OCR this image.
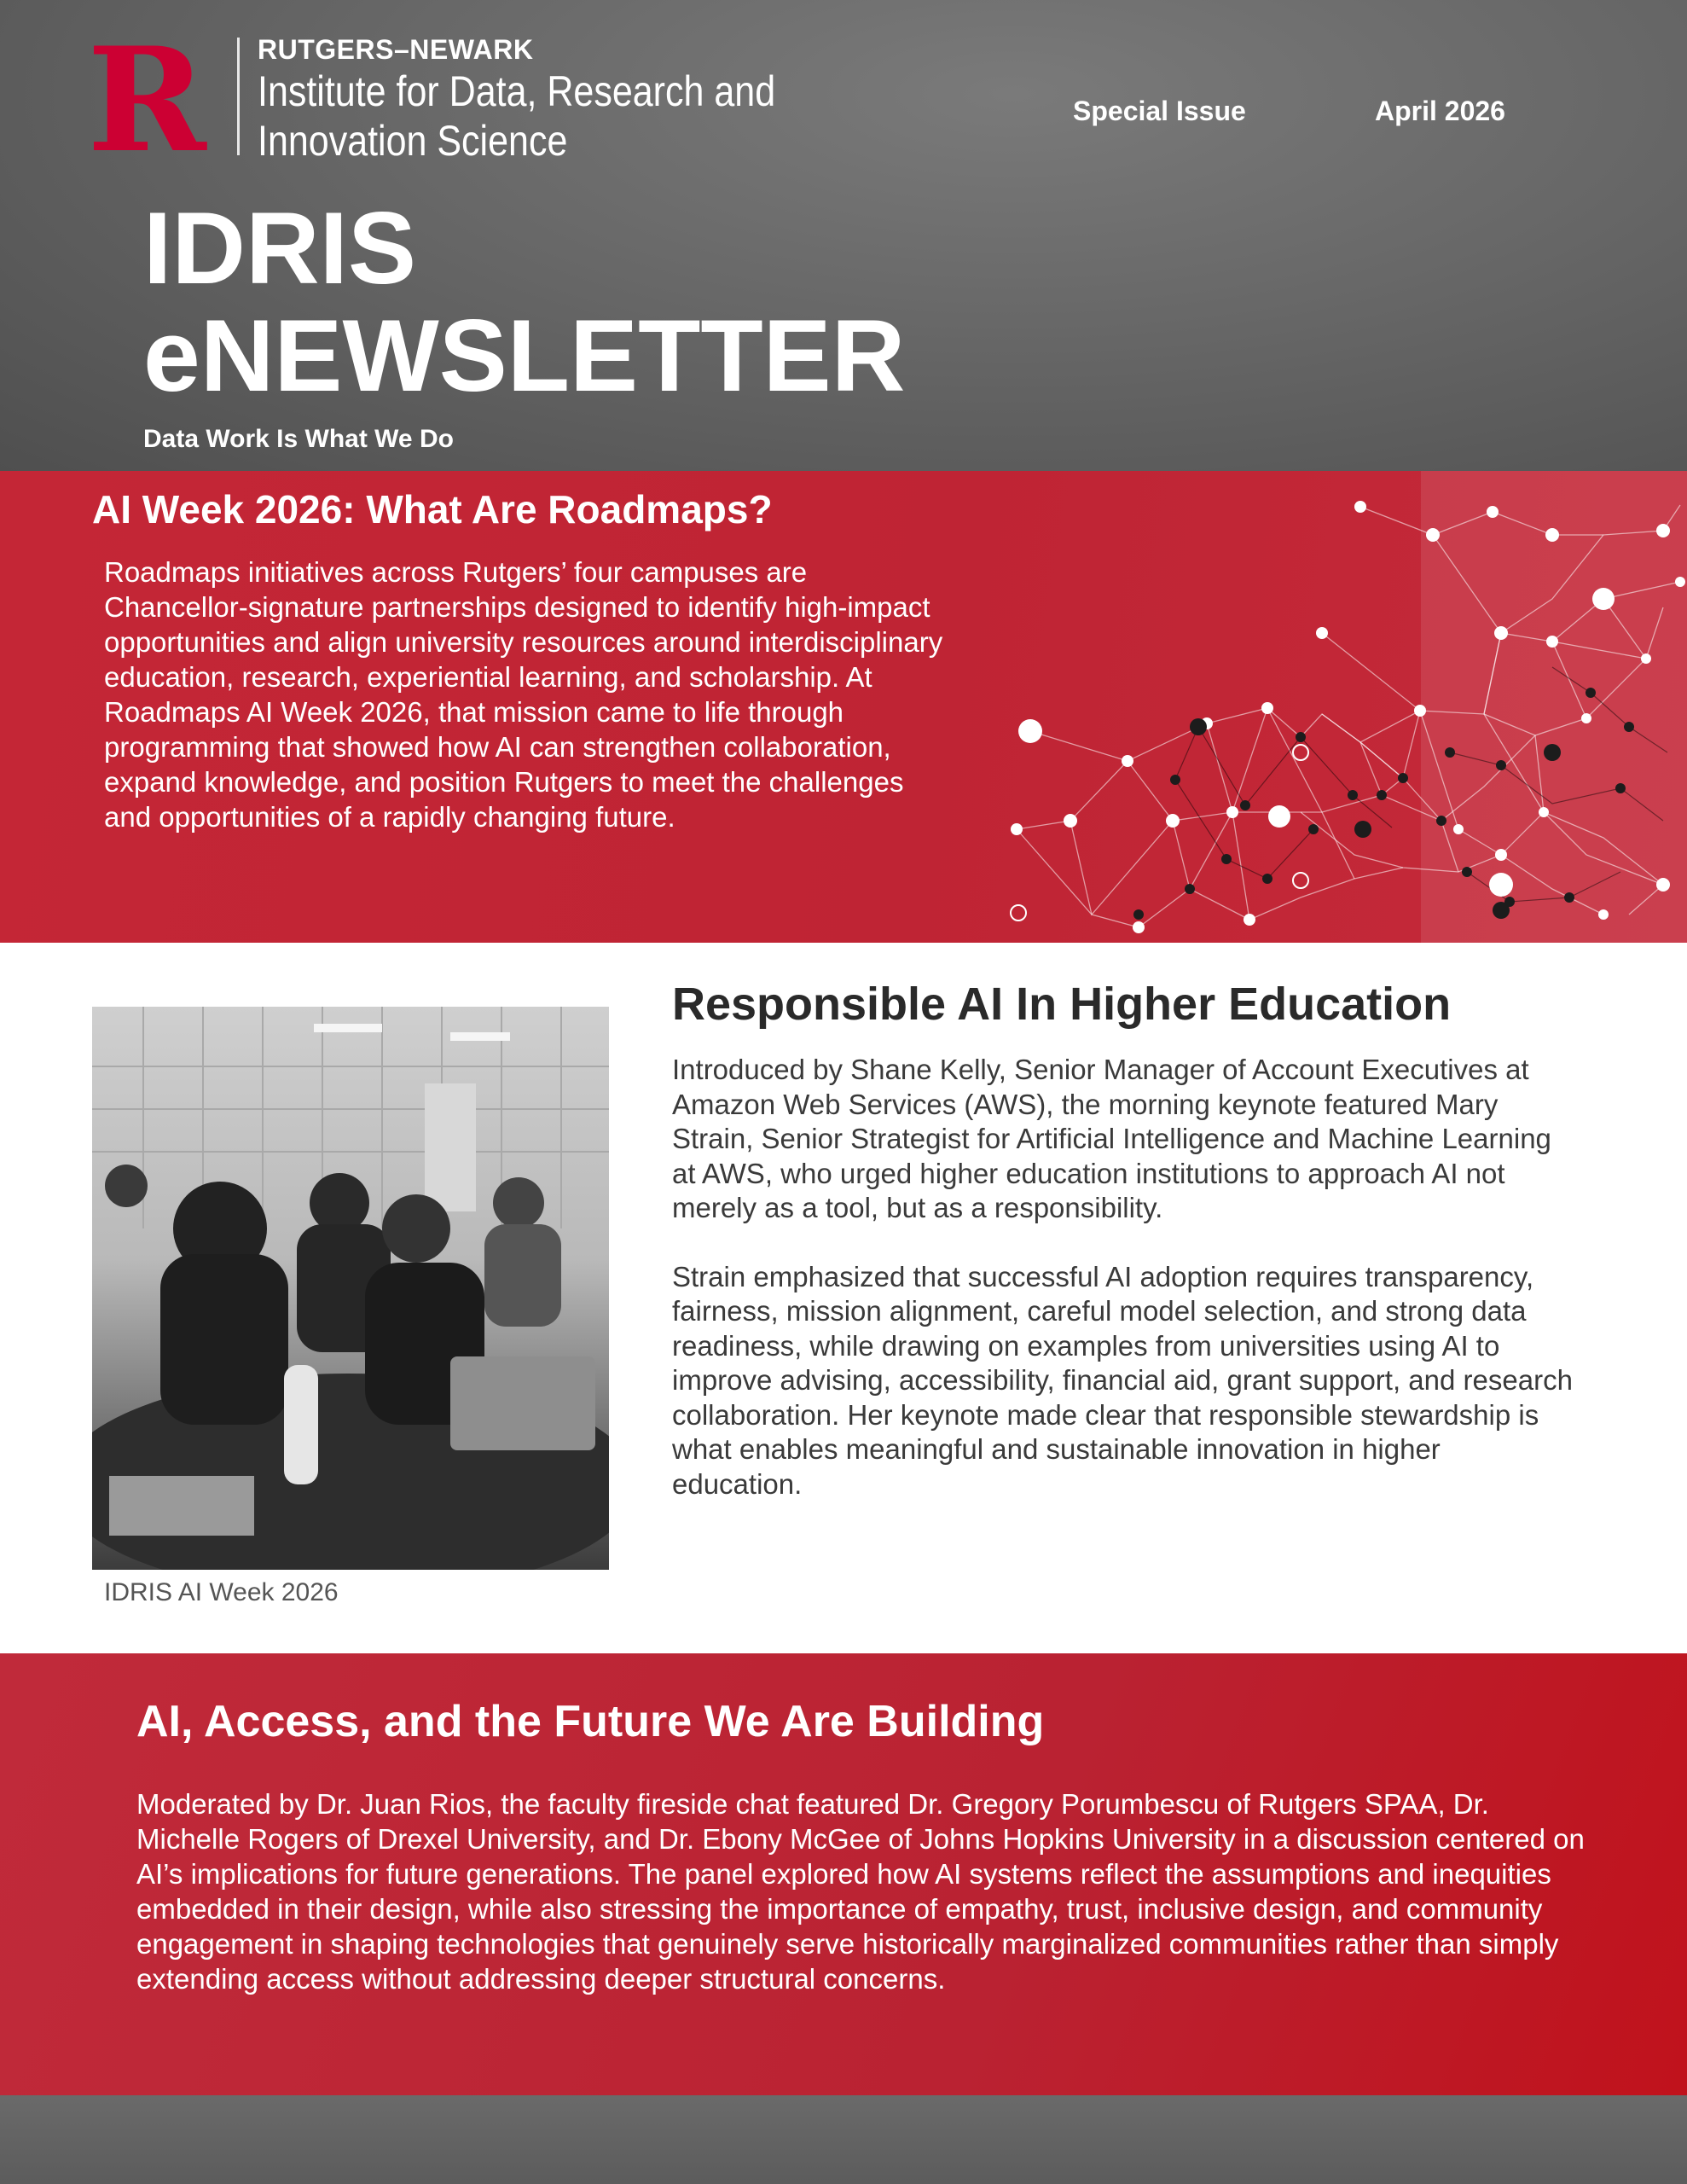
R RUTGERS–NEWARK
Institute for Data, Research and
Innovation Science
Special Issue	April 2026
IDRIS
eNEWSLETTER
Data Work Is What We Do
AI Week 2026: What Are Roadmaps?

Roadmaps initiatives across Rutgers’ four campuses are Chancellor-signature partnerships designed to identify high-impact opportunities and align university resources around interdisciplinary education, research, experiential learning, and scholarship. At Roadmaps AI Week 2026, that mission came to life through programming that showed how AI can strengthen collaboration, expand knowledge, and position Rutgers to meet the challenges and opportunities of a rapidly changing future.

IDRIS AI Week 2026
Responsible AI In Higher Education

Introduced by Shane Kelly, Senior Manager of Account Executives at Amazon Web Services (AWS), the morning keynote featured Mary Strain, Senior Strategist for Artificial Intelligence and Machine Learning at AWS, who urged higher education institutions to approach AI not merely as a tool, but as a responsibility.

Strain emphasized that successful AI adoption requires transparency, fairness, mission alignment, careful model selection, and strong data readiness, while drawing on examples from universities using AI to improve advising, accessibility, financial aid, grant support, and research collaboration. Her keynote made clear that responsible stewardship is what enables meaningful and sustainable innovation in higher education.

AI, Access, and the Future We Are Building

Moderated by Dr. Juan Rios, the faculty fireside chat featured Dr. Gregory Porumbescu of Rutgers SPAA, Dr. Michelle Rogers of Drexel University, and Dr. Ebony McGee of Johns Hopkins University in a discussion centered on AI’s implications for future generations. The panel explored how AI systems reflect the assumptions and inequities embedded in their design, while also stressing the importance of empathy, trust, inclusive design, and community engagement in shaping technologies that genuinely serve historically marginalized communities rather than simply extending access without addressing deeper structural concerns.
